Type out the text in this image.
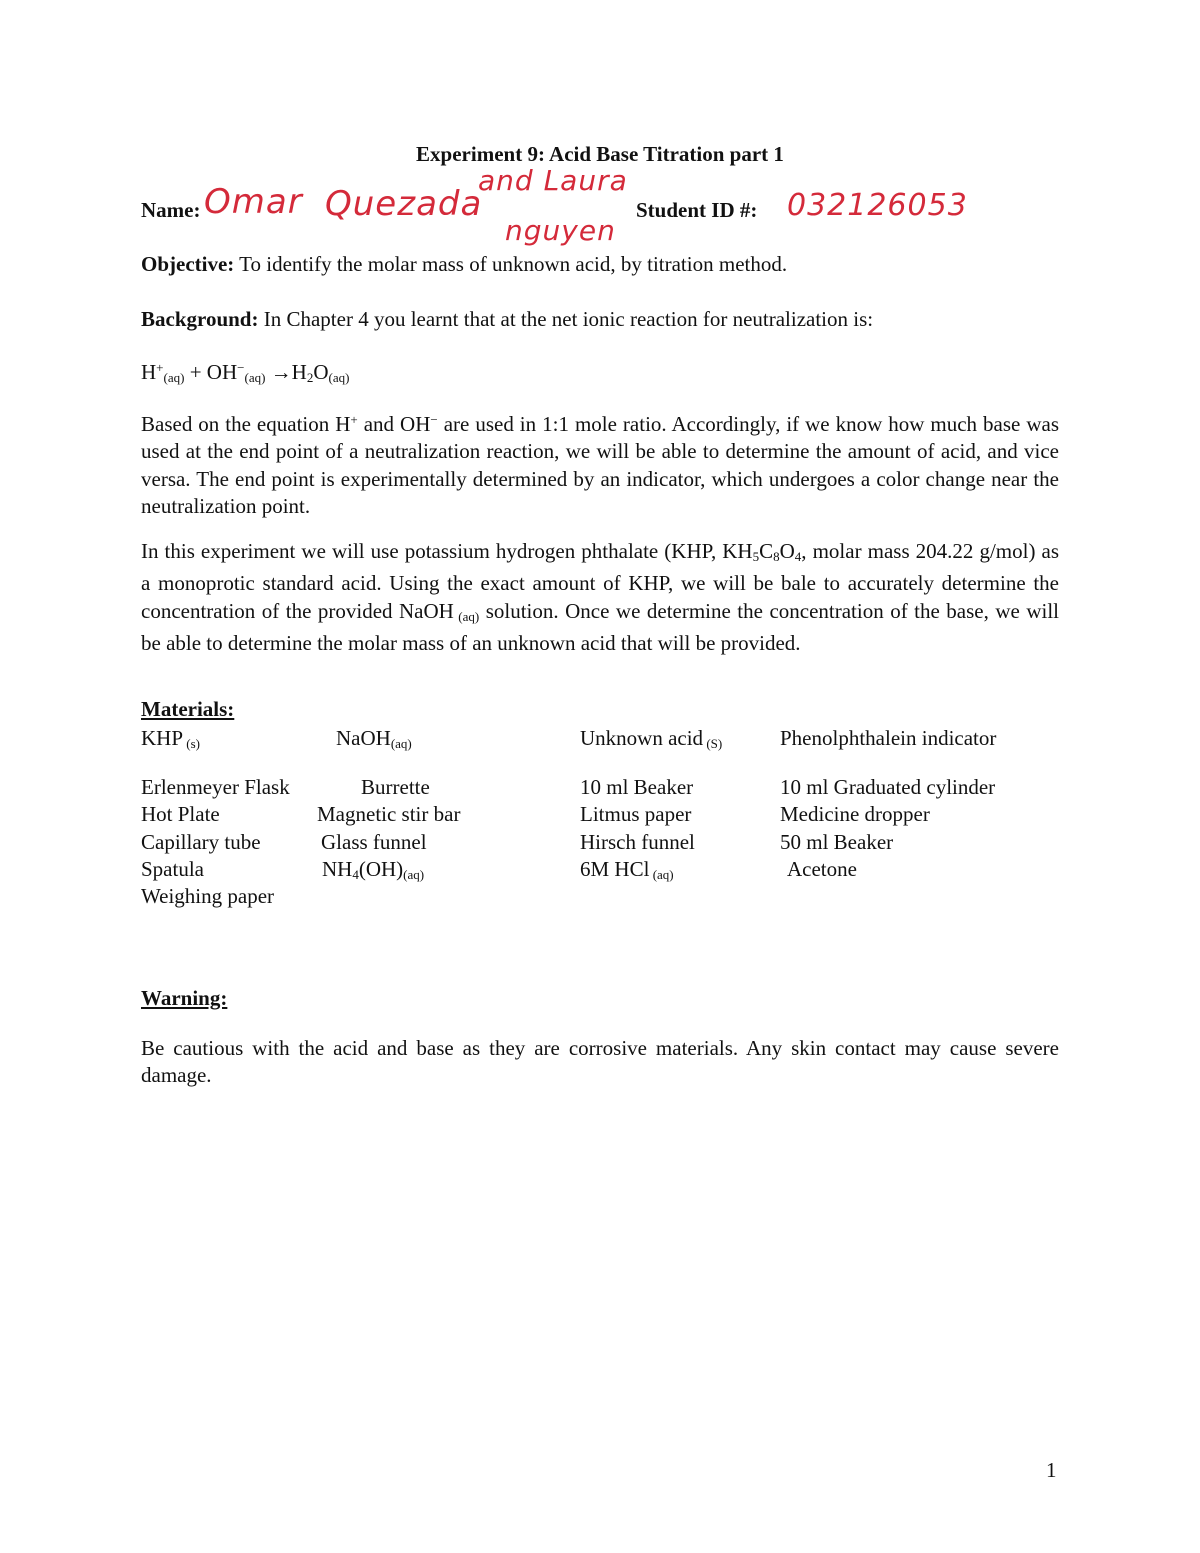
Experiment 9: Acid Base Titration part 1
Name: Omar Quezada
and Laura
nguyen
Student ID #: 032126053
Objective: To identify the molar mass of unknown acid, by titration method.
Background: In Chapter 4 you learnt that at the net ionic reaction for neutralization is:
$H^+_{(aq)} + OH^-_{(aq)} \to H_2O_{(aq)}$
Based on the equation H+ and OH− are used in 1:1 mole ratio. Accordingly, if we know how much base was used at the end point of a neutralization reaction, we will be able to determine the amount of acid, and vice versa. The end point is experimentally determined by an indicator, which undergoes a color change near the neutralization point.
In this experiment we will use potassium hydrogen phthalate (KHP, $KH_5C_8O_4$, molar mass 204.22 g/mol) as a monoprotic standard acid. Using the exact amount of KHP, we will be bale to accurately determine the concentration of the provided NaOH $_{(aq)}$ solution. Once we determine the concentration of the base, we will be able to determine the molar mass of an unknown acid that will be provided.
Materials:
KHP $_{(s)}$	NaOH$_{(aq)}$	Unknown acid $_{(S)}$	Phenolphthalein indicator
Erlenmeyer Flask	Burrette	10 ml Beaker	10 ml Graduated cylinder
Hot Plate	Magnetic stir bar	Litmus paper	Medicine dropper
Capillary tube	Glass funnel	Hirsch funnel	50 ml Beaker
Spatula	$NH_4(OH)_{(aq)}$	6M HCl $_{(aq)}$	Acetone
Weighing paper
Warning:
Be cautious with the acid and base as they are corrosive materials. Any skin contact may cause severe damage.
1
